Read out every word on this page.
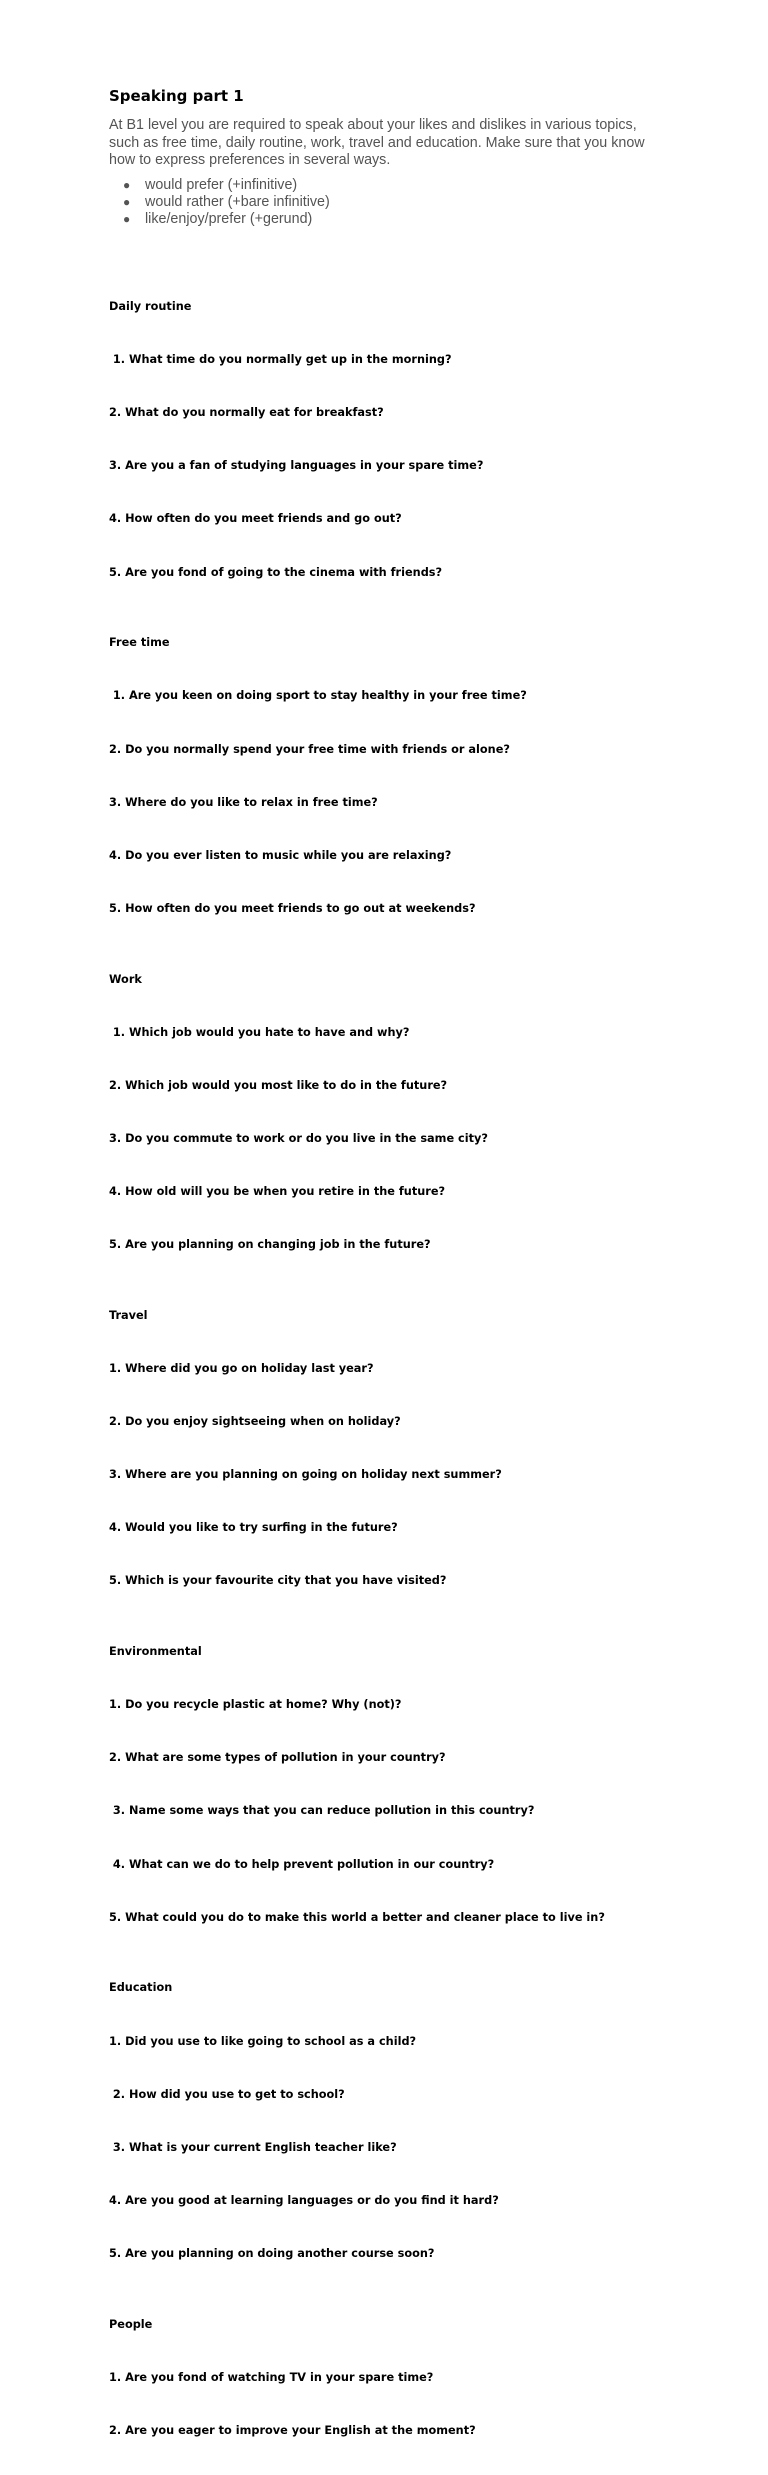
Speaking part 1

At B1 level you are required to speak about your likes and dislikes in various topics, such as free time, daily routine, work, travel and education. Make sure that you know how to express preferences in several ways.

● would prefer (+infinitive)
● would rather (+bare infinitive)
● like/enjoy/prefer (+gerund)

Daily routine

1. What time do you normally get up in the morning?

2. What do you normally eat for breakfast?

3. Are you a fan of studying languages in your spare time?

4. How often do you meet friends and go out?

5. Are you fond of going to the cinema with friends?

Free time

1. Are you keen on doing sport to stay healthy in your free time?

2. Do you normally spend your free time with friends or alone?

3. Where do you like to relax in free time?

4. Do you ever listen to music while you are relaxing?

5. How often do you meet friends to go out at weekends?

Work

1. Which job would you hate to have and why?

2. Which job would you most like to do in the future?

3. Do you commute to work or do you live in the same city?

4. How old will you be when you retire in the future?

5. Are you planning on changing job in the future?

Travel

1. Where did you go on holiday last year?

2. Do you enjoy sightseeing when on holiday?

3. Where are you planning on going on holiday next summer?

4. Would you like to try surfing in the future?

5. Which is your favourite city that you have visited?

Environmental

1. Do you recycle plastic at home? Why (not)?

2. What are some types of pollution in your country?

3. Name some ways that you can reduce pollution in this country?

4. What can we do to help prevent pollution in our country?

5. What could you do to make this world a better and cleaner place to live in?

Education

1. Did you use to like going to school as a child?

2. How did you use to get to school?

3. What is your current English teacher like?

4. Are you good at learning languages or do you find it hard?

5. Are you planning on doing another course soon?

People

1. Are you fond of watching TV in your spare time?

2. Are you eager to improve your English at the moment?
